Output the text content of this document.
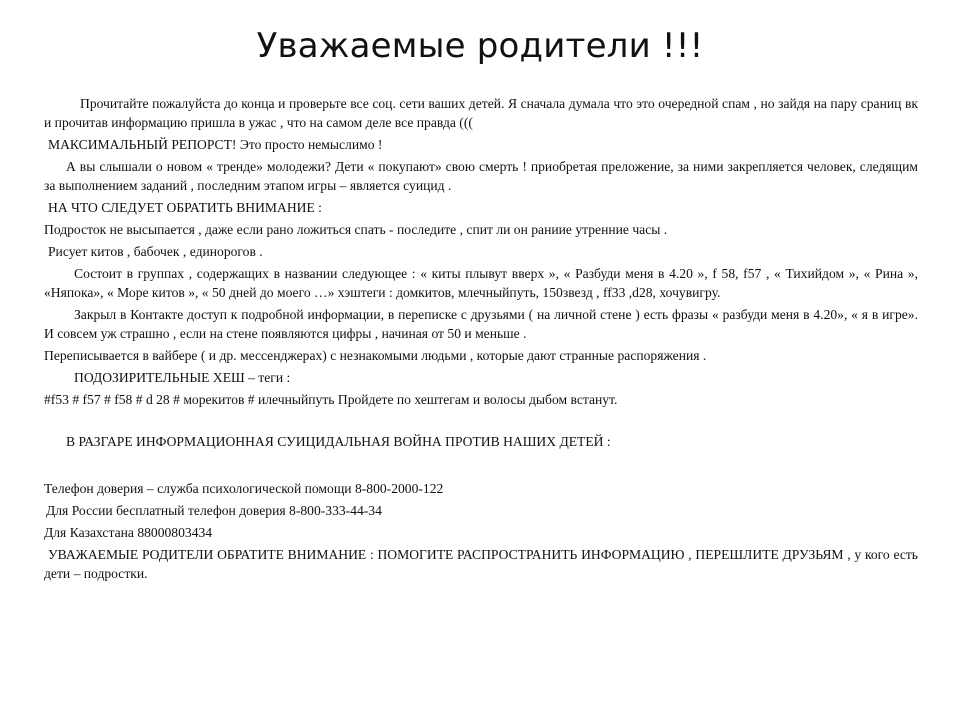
Уважаемые родители !!!

Прочитайте пожалуйста до конца и проверьте все соц. сети ваших детей. Я сначала думала что это очередной спам , но зайдя на пару сраниц вк и прочитав информацию пришла в ужас , что на самом деле все правда (((

МАКСИМАЛЬНЫЙ РЕПОРСТ! Это просто немыслимо !

А вы слышали о новом « тренде» молодежи? Дети « покупают» свою смерть ! приобретая преложение, за ними закрепляется человек, следящим за выполнением заданий , последним этапом игры – является суицид .

НА ЧТО СЛЕДУЕТ ОБРАТИТЬ ВНИМАНИЕ :

Подросток не высыпается , даже если рано ложиться спать - последите , спит ли он раниие утренние часы .

Рисует китов , бабочек , единорогов .

Состоит в группах , содержащих в названии следующее : « киты плывут вверх », « Разбуди меня в 4.20 », f 58, f57 , « Тихийдом », « Рина », «Няпока», « Море китов », « 50 дней до моего …» хэштеги : домкитов, млечныйпуть, 150звезд , ff33 ,d28, хочувигру.

Закрыл в Контакте доступ к подробной информации, в переписке с друзьями ( на личной стене ) есть фразы « разбуди меня в 4.20», « я в игре». И совсем уж страшно , если на стене появляются цифры , начиная от 50 и меньше .

Переписывается в вайбере ( и др. мессенджерах) с незнакомыми людьми , которые дают странные распоряжения .

ПОДОЗИРИТЕЛЬНЫЕ ХЕШ – теги :

#f53 # f57 # f58 # d 28 # морекитов # илечныйпуть Пройдете по хештегам и волосы дыбом встанут.

В РАЗГАРЕ ИНФОРМАЦИОННАЯ СУИЦИДАЛЬНАЯ ВОЙНА ПРОТИВ НАШИХ ДЕТЕЙ :

Телефон доверия – служба психологической помощи 8-800-2000-122

Для России бесплатный телефон доверия 8-800-333-44-34

Для Казахстана 88000803434

УВАЖАЕМЫЕ РОДИТЕЛИ ОБРАТИТЕ ВНИМАНИЕ : ПОМОГИТЕ РАСПРОСТРАНИТЬ ИНФОРМАЦИЮ , ПЕРЕШЛИТЕ ДРУЗЬЯМ , у кого есть дети – подростки.
